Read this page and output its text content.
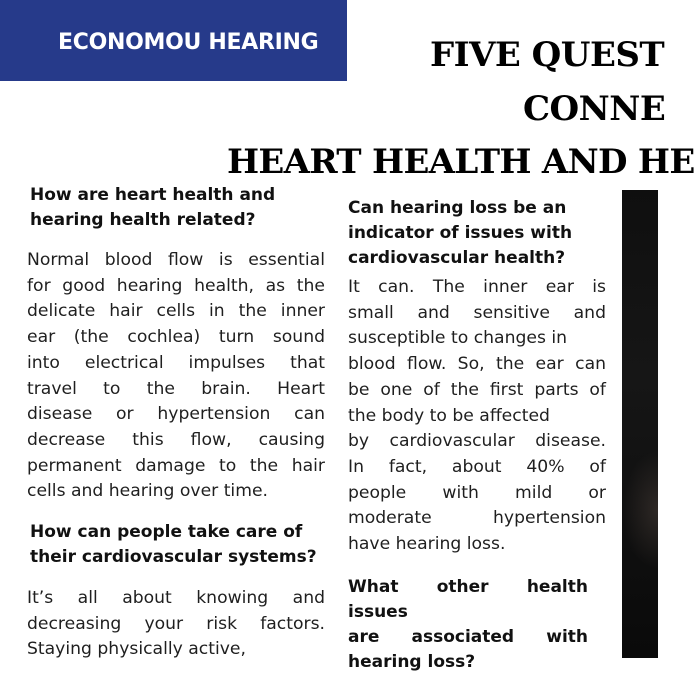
ECONOMOU HEARING	FIVE QUEST
CONNE
HEART HEALTH AND HE
How are heart health and
hearing health related?
Normal blood flow is essential
for good hearing health, as the
delicate hair cells in the inner
ear (the cochlea) turn sound
into electrical impulses that
travel to the brain. Heart
disease or hypertension can
decrease this flow, causing
permanent damage to the hair
cells and hearing over time.
How can people take care of
their cardiovascular systems?
It’s all about knowing and
decreasing your risk factors.
Staying physically active,
Can hearing loss be an
indicator of issues with
cardiovascular health?
It can. The inner ear is
small and sensitive and
susceptible to changes in
blood flow. So, the ear can
be one of the first parts of
the body to be affected
by cardiovascular disease.
In fact, about 40% of
people with mild or
moderate hypertension
have hearing loss.
What other health issues
are associated with
hearing loss?
